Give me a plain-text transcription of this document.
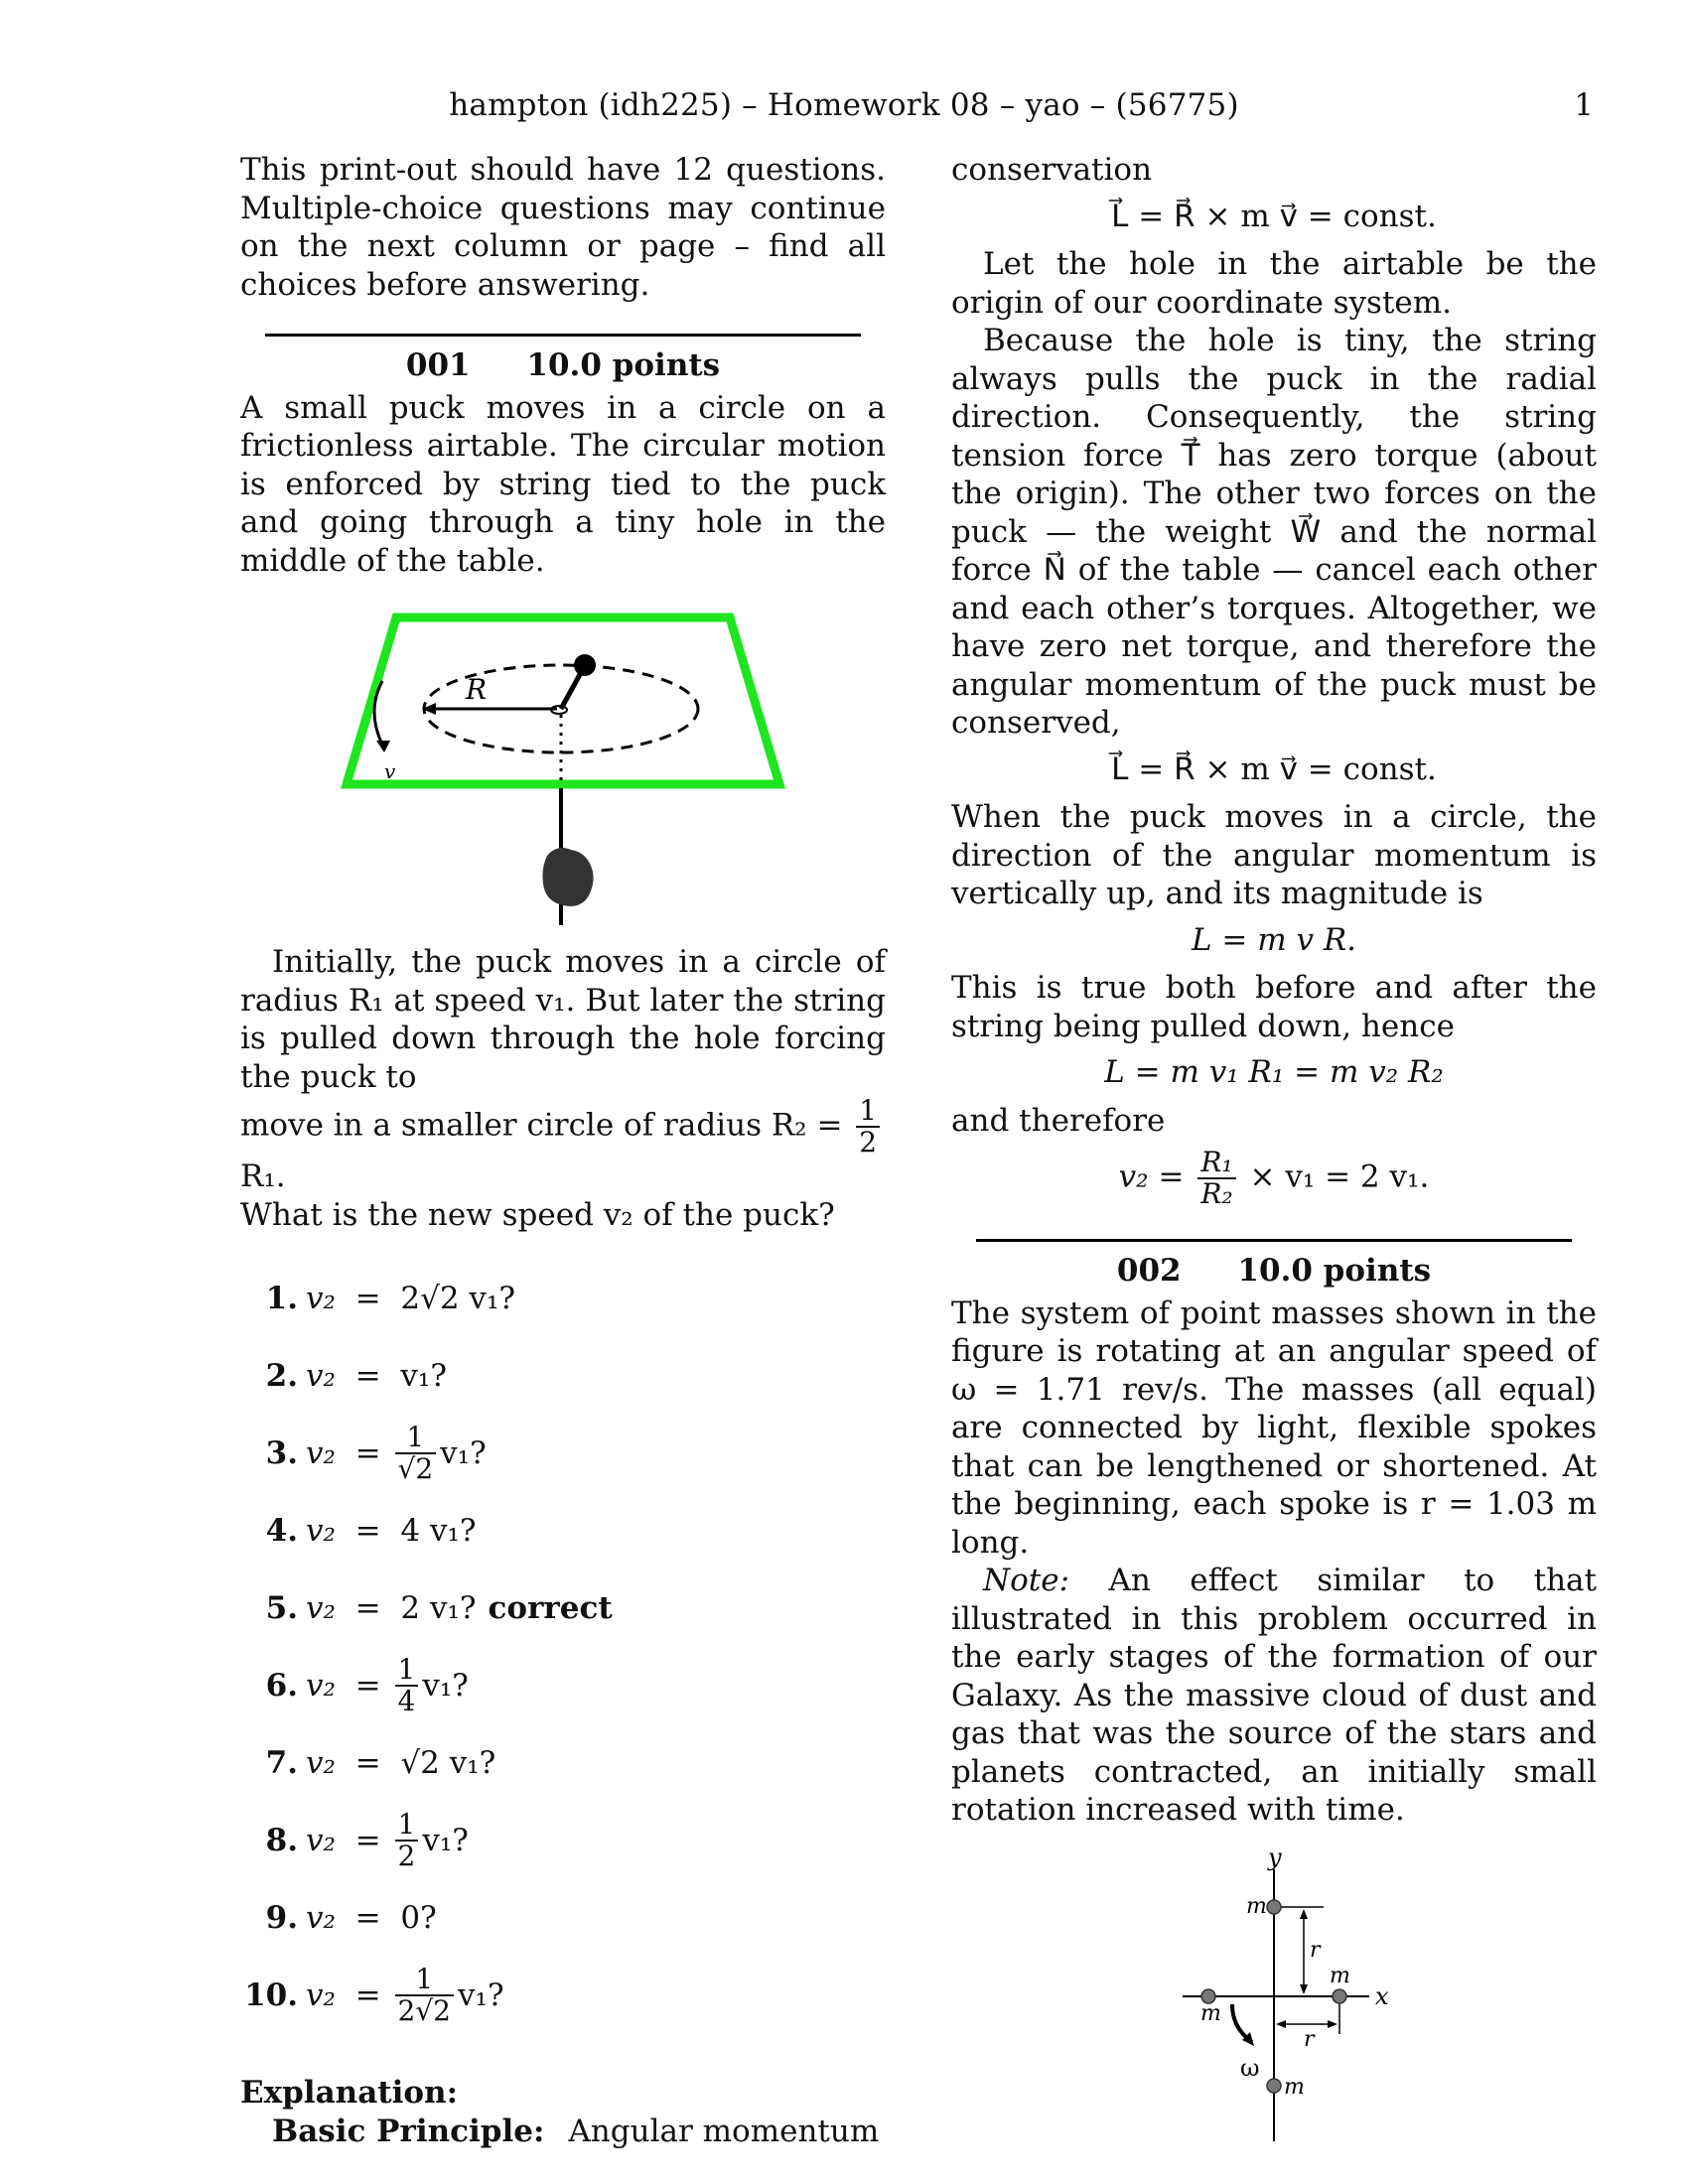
hampton (idh225) – Homework 08 – yao – (56775)	1

This print-out should have 12 questions. Multiple-choice questions may continue on the next column or page – find all choices before answering.

001 10.0 points

A small puck moves in a circle on a frictionless airtable. The circular motion is enforced by string tied to the puck and going through a tiny hole in the middle of the table.

R
v

Initially, the puck moves in a circle of radius R₁ at speed v₁. But later the string is pulled down through the hole forcing the puck to

move in a smaller circle of radius $R_2 = \frac{1}{2}$
R₁.

What is the new speed v₂ of the puck?

1. v₂
=
2√2 v₁?
2. v₂
=
v₁?
3. v₂
=
$\frac{1}{√2} v_1$?
4. v₂
=
4 v₁?
5. v₂
=
2 v₁? correct
6. v₂
=
$\frac{1}{4} v_1$?
7. v₂
=
√2 v₁?
8. v₂
=
$\frac{1}{2} v_1$?
9. v₂
=
0?
10. v₂
=
$\frac{1}{2√2} v_1$?

Explanation:

Basic Principle: Angular momentum

conservation

L⃗ = R⃗ × m v⃗ = const.

Let the hole in the airtable be the origin of our coordinate system.

Because the hole is tiny, the string always pulls the puck in the radial direction. Consequently, the string tension force T⃗ has zero torque (about the origin). The other two forces on the puck — the weight W⃗ and the normal force N⃗ of the table — cancel each other and each other’s torques. Altogether, we have zero net torque, and therefore the angular momentum of the puck must be conserved,

L⃗ = R⃗ × m v⃗ = const.

When the puck moves in a circle, the direction of the angular momentum is vertically up, and its magnitude is

L = m v R.

This is true both before and after the string being pulled down, hence

L = m v₁ R₁ = m v₂ R₂

and therefore

$v_2 = \frac{\text{R₁}}{\text{R₂}} \times v_1 = 2$ v₁.

002 10.0 points

The system of point masses shown in the figure is rotating at an angular speed of ω = 1.71 rev/s. The masses (all equal) are connected by light, flexible spokes that can be lengthened or shortened. At the beginning, each spoke is r = 1.03 m long.

Note: An effect similar to that illustrated in this problem occurred in the early stages of the formation of our Galaxy. As the massive cloud of dust and gas that was the source of the stars and planets contracted, an initially small rotation increased with time.

y
x
r
r
m
m
m
m
ω
